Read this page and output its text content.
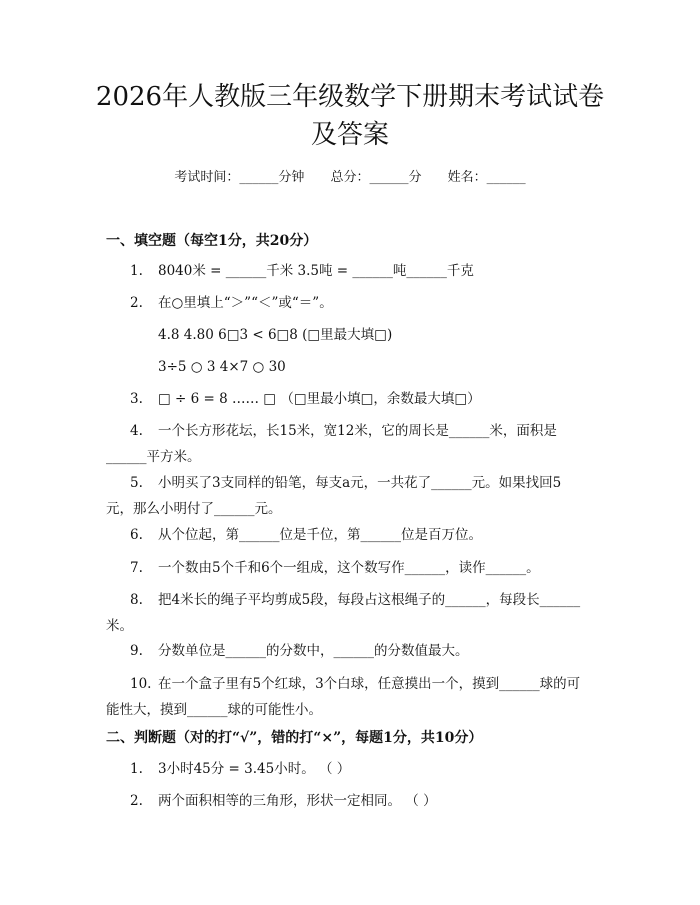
2026年人教版三年级数学下册期末考试试卷
及答案
考试时间：______分钟 总分：______分 姓名：______
一、填空题（每空1分，共20分）
1. 8040米 = ______千米 3.5吨 = ______吨______千克
2. 在○里填上“＞”“＜”或“＝”。
4.8 4.80 6□3 < 6□8 (□里最大填□)
3÷5 ○ 3 4×7 ○ 30
3. □ ÷ 6 = 8 …… □ （□里最小填□，余数最大填□）
4. 一个长方形花坛，长15米，宽12米，它的周长是______米，面积是
______平方米。
5. 小明买了3支同样的铅笔，每支a元，一共花了______元。如果找回5
元，那么小明付了______元。
6. 从个位起，第______位是千位，第______位是百万位。
7. 一个数由5个千和6个一组成，这个数写作______，读作______。
8. 把4米长的绳子平均剪成5段，每段占这根绳子的______，每段长______
米。
9. 分数单位是______的分数中，______的分数值最大。
10. 在一个盒子里有5个红球，3个白球，任意摸出一个，摸到______球的可
能性大，摸到______球的可能性小。
二、判断题（对的打“√”，错的打“×”，每题1分，共10分）
1. 3小时45分 = 3.45小时。 （ ）
2. 两个面积相等的三角形，形状一定相同。 （ ）
